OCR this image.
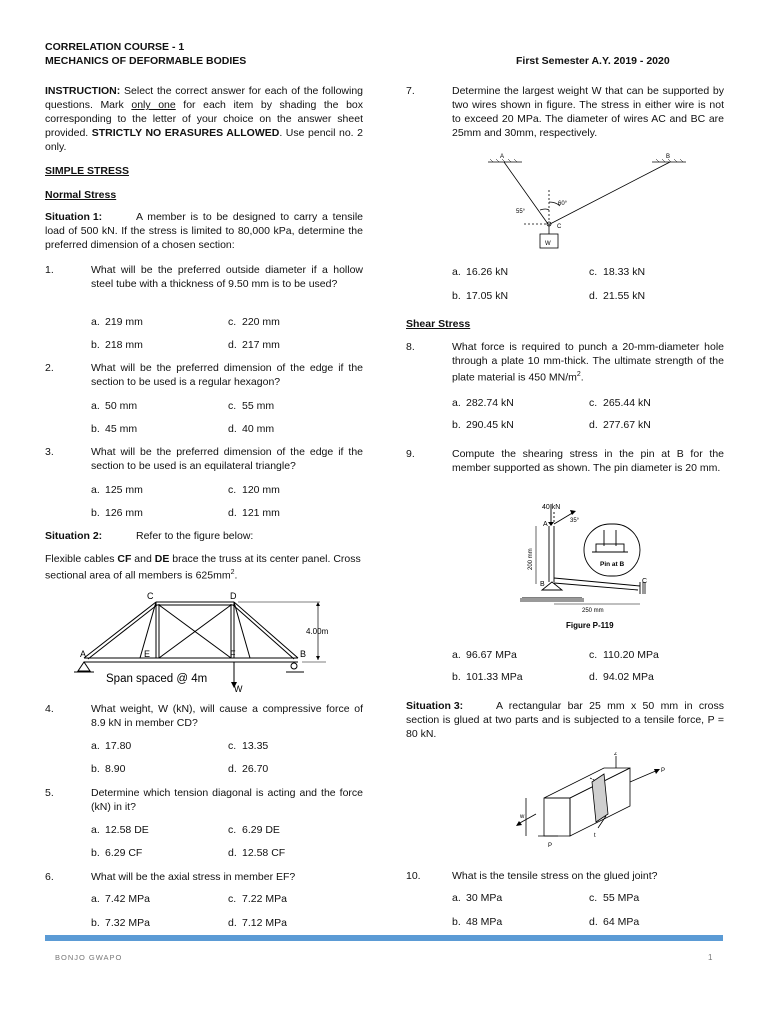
CORRELATION COURSE - 1
MECHANICS OF DEFORMABLE BODIES	First Semester A.Y. 2019 - 2020
INSTRUCTION: Select the correct answer for each of the following questions. Mark only one for each item by shading the box corresponding to the letter of your choice on the answer sheet provided. STRICTLY NO ERASURES ALLOWED. Use pencil no. 2 only.
SIMPLE STRESS
Normal Stress
Situation 1:	A member is to be designed to carry a tensile load of 500 kN. If the stress is limited to 80,000 kPa, determine the preferred dimension of a chosen section:
1.	What will be the preferred outside diameter if a hollow steel tube with a thickness of 9.50 mm is to be used?
a. 219 mm	c. 220 mm
b. 218 mm	d. 217 mm
2.	What will be the preferred dimension of the edge if the section to be used is a regular hexagon?
a. 50 mm	c. 55 mm
b. 45 mm	d. 40 mm
3.	What will be the preferred dimension of the edge if the section to be used is an equilateral triangle?
a. 125 mm	c. 120 mm
b. 126 mm	d. 121 mm
Situation 2:	Refer to the figure below:
Flexible cables CF and DE brace the truss at its center panel. Cross sectional area of all members is $625mm^2$.
C	D
A	E	F	B
4.00m
Span spaced @ 4m
W
4.	What weight, W (kN), will cause a compressive force of 8.9 kN in member CD?
a. 17.80	c. 13.35
b. 8.90	d. 26.70
5.	Determine which tension diagonal is acting and the force (kN) in it?
a. 12.58 DE	c. 6.29 DE
b. 6.29 CF	d. 12.58 CF
6.	What will be the axial stress in member EF?
a. 7.42 MPa	c. 7.22 MPa
b. 7.32 MPa	d. 7.12 MPa
7.	Determine the largest weight W that can be supported by two wires shown in figure. The stress in either wire is not to exceed 20 MPa. The diameter of wires AC and BC are 25mm and 30mm, respectively.
A	B
C
W
55°
60°
a. 16.26 kN	c. 18.33 kN
b. 17.05 kN	d. 21.55 kN
Shear Stress
8.	What force is required to punch a 20-mm-diameter hole through a plate 10 mm-thick. The ultimate strength of the plate material is 450 $MN/m^2$.
a. 282.74 kN	c. 265.44 kN
b. 290.45 kN	d. 277.67 kN
9.	Compute the shearing stress in the pin at B for the member supported as shown. The pin diameter is 20 mm.
40 kN
35°
A
B	C
200 mm
250 mm
Pin at B
Figure P-119
a. 96.67 MPa	c. 110.20 MPa
b. 101.33 MPa	d. 94.02 MPa
Situation 3:	A rectangular bar 25 mm x 50 mm in cross section is glued at two parts and is subjected to a tensile force, P = 80 kN.
P
P
w
t
z
10.	What is the tensile stress on the glued joint?
a. 30 MPa	c. 55 MPa
b. 48 MPa	d. 64 MPa
BONJO GWAPO	1
